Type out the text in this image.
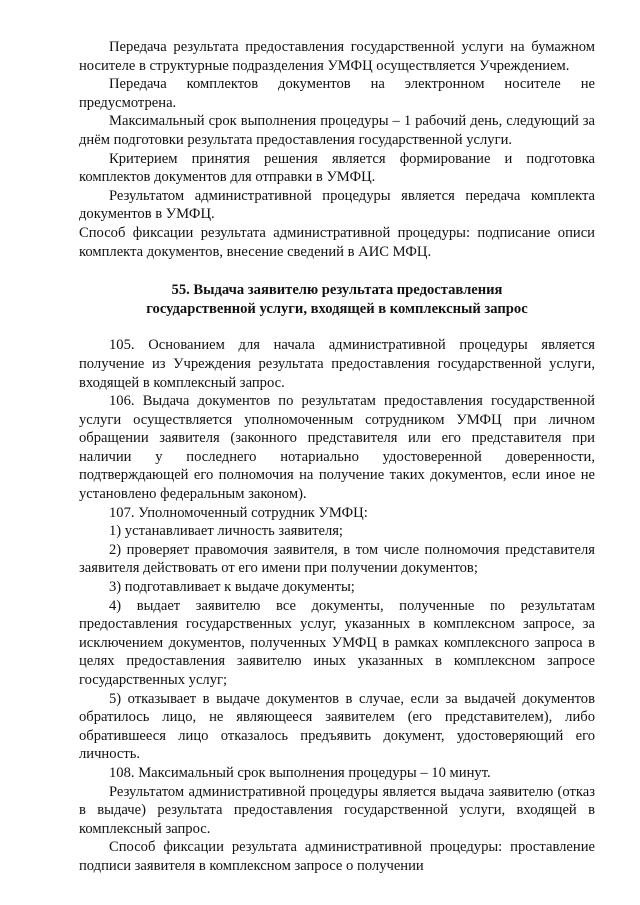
Передача результата предоставления государственной услуги на бумажном носителе в структурные подразделения УМФЦ осуществляется Учреждением.

Передача комплектов документов на электронном носителе не предусмотрена.

Максимальный срок выполнения процедуры – 1 рабочий день, следующий за днём подготовки результата предоставления государственной услуги.

Критерием принятия решения является формирование и подготовка комплектов документов для отправки в УМФЦ.

Результатом административной процедуры является передача комплекта документов в УМФЦ.

Способ фиксации результата административной процедуры: подписание описи комплекта документов, внесение сведений в АИС МФЦ.

55. Выдача заявителю результата предоставления

государственной услуги, входящей в комплексный запрос

105. Основанием для начала административной процедуры является получение из Учреждения результата предоставления государственной услуги, входящей в комплексный запрос.

106. Выдача документов по результатам предоставления государственной услуги осуществляется уполномоченным сотрудником УМФЦ при личном обращении заявителя (законного представителя или его представителя при наличии у последнего нотариально удостоверенной доверенности, подтверждающей его полномочия на получение таких документов, если иное не установлено федеральным законом).

107. Уполномоченный сотрудник УМФЦ:

1) устанавливает личность заявителя;

2) проверяет правомочия заявителя, в том числе полномочия представителя заявителя действовать от его имени при получении документов;

3) подготавливает к выдаче документы;

4) выдает заявителю все документы, полученные по результатам предоставления государственных услуг, указанных в комплексном запросе, за исключением документов, полученных УМФЦ в рамках комплексного запроса в целях предоставления заявителю иных указанных в комплексном запросе государственных услуг;

5) отказывает в выдаче документов в случае, если за выдачей документов обратилось лицо, не являющееся заявителем (его представителем), либо обратившееся лицо отказалось предъявить документ, удостоверяющий его личность.

108. Максимальный срок выполнения процедуры – 10 минут.

Результатом административной процедуры является выдача заявителю (отказ в выдаче) результата предоставления государственной услуги, входящей в комплексный запрос.

Способ фиксации результата административной процедуры: проставление подписи заявителя в комплексном запросе о получении
